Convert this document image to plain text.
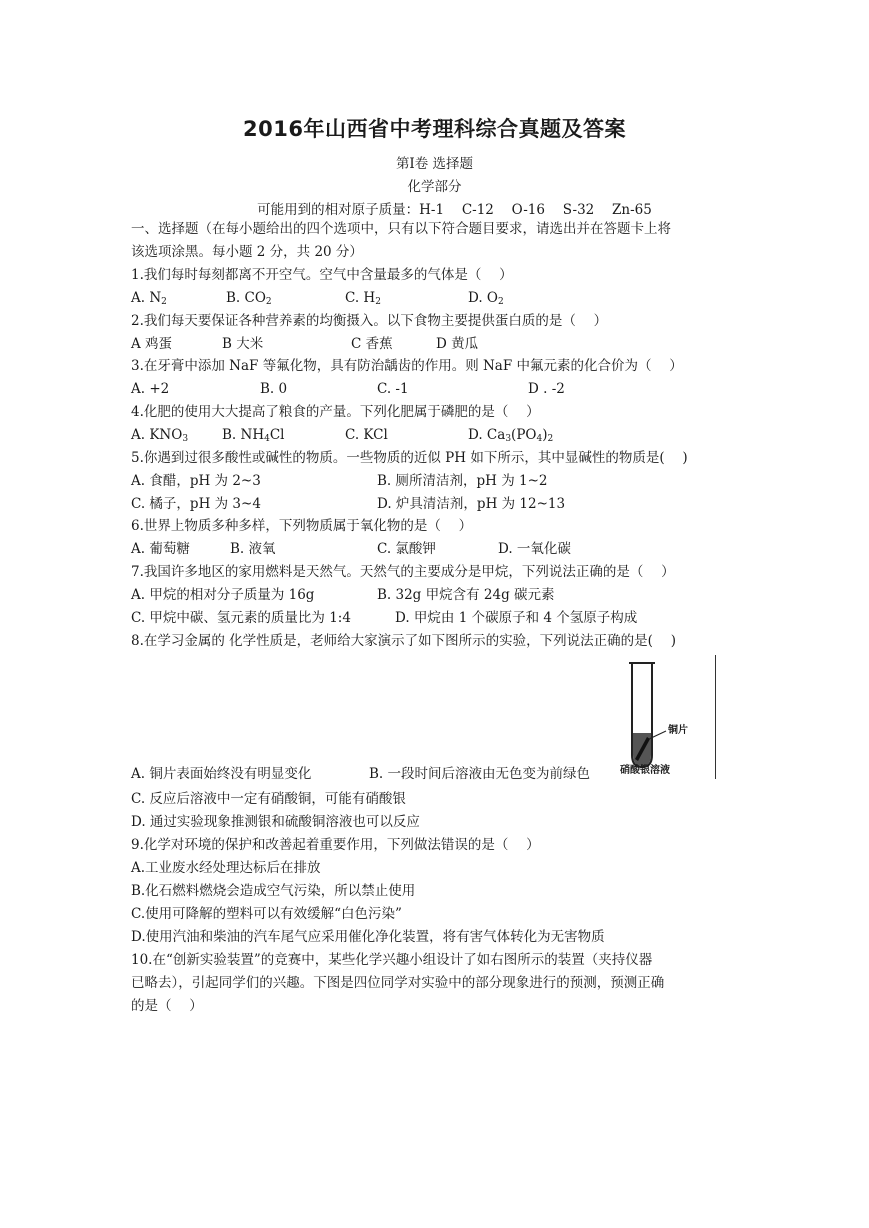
2016年山西省中考理科综合真题及答案
第Ⅰ卷 选择题
化学部分
可能用到的相对原子质量：H-1　 C-12　 O-16　 S-32　 Zn-65
一、选择题（在每小题给出的四个选项中，只有以下符合题目要求，请选出并在答题卡上将
该选项涂黑。每小题 2 分，共 20 分）
1.我们每时每刻都离不开空气。空气中含量最多的气体是（　 ）
A. $N_2$	B. $CO_2$	C. $H_2$	D. $O_2$
2.我们每天要保证各种营养素的均衡摄入。以下食物主要提供蛋白质的是（　 ）
A 鸡蛋	B 大米	C 香蕉	D 黄瓜
3.在牙膏中添加 NaF 等氟化物，具有防治龋齿的作用。则 NaF 中氟元素的化合价为（　 ）
A. +2	B. 0	C. -1	D . -2
4.化肥的使用大大提高了粮食的产量。下列化肥属于磷肥的是（　 ）
A. $KNO_3$	B. $NH_4Cl$	C. KCl	D. $Ca_3(PO_4)_2$
5.你遇到过很多酸性或碱性的物质。一些物质的近似 PH 如下所示，其中显碱性的物质是(　 )
A. 食醋，pH 为 2~3	B. 厕所清洁剂，pH 为 1~2
C. 橘子，pH 为 3~4	D. 炉具清洁剂，pH 为 12~13
6.世界上物质多种多样，下列物质属于氧化物的是（　 ）
A. 葡萄糖	B. 液氧	C. 氯酸钾	D. 一氧化碳
7.我国许多地区的家用燃料是天然气。天然气的主要成分是甲烷，下列说法正确的是（　 ）
A. 甲烷的相对分子质量为 16g	B. 32g 甲烷含有 24g 碳元素
C. 甲烷中碳、氢元素的质量比为 1:4	D. 甲烷由 1 个碳原子和 4 个氢原子构成
8.在学习金属的 化学性质是，老师给大家演示了如下图所示的实验，下列说法正确的是(　 )
铜片
硝酸银溶液
A. 铜片表面始终没有明显变化	B. 一段时间后溶液由无色变为前绿色
C. 反应后溶液中一定有硝酸铜，可能有硝酸银
D. 通过实验现象推测银和硫酸铜溶液也可以反应
9.化学对环境的保护和改善起着重要作用，下列做法错误的是（　 ）
A.工业废水经处理达标后在排放
B.化石燃料燃烧会造成空气污染，所以禁止使用
C.使用可降解的塑料可以有效缓解“白色污染”
D.使用汽油和柴油的汽车尾气应采用催化净化装置，将有害气体转化为无害物质
10.在“创新实验装置”的竞赛中，某些化学兴趣小组设计了如右图所示的装置（夹持仪器
已略去），引起同学们的兴趣。下图是四位同学对实验中的部分现象进行的预测，预测正确
的是（　 ）
